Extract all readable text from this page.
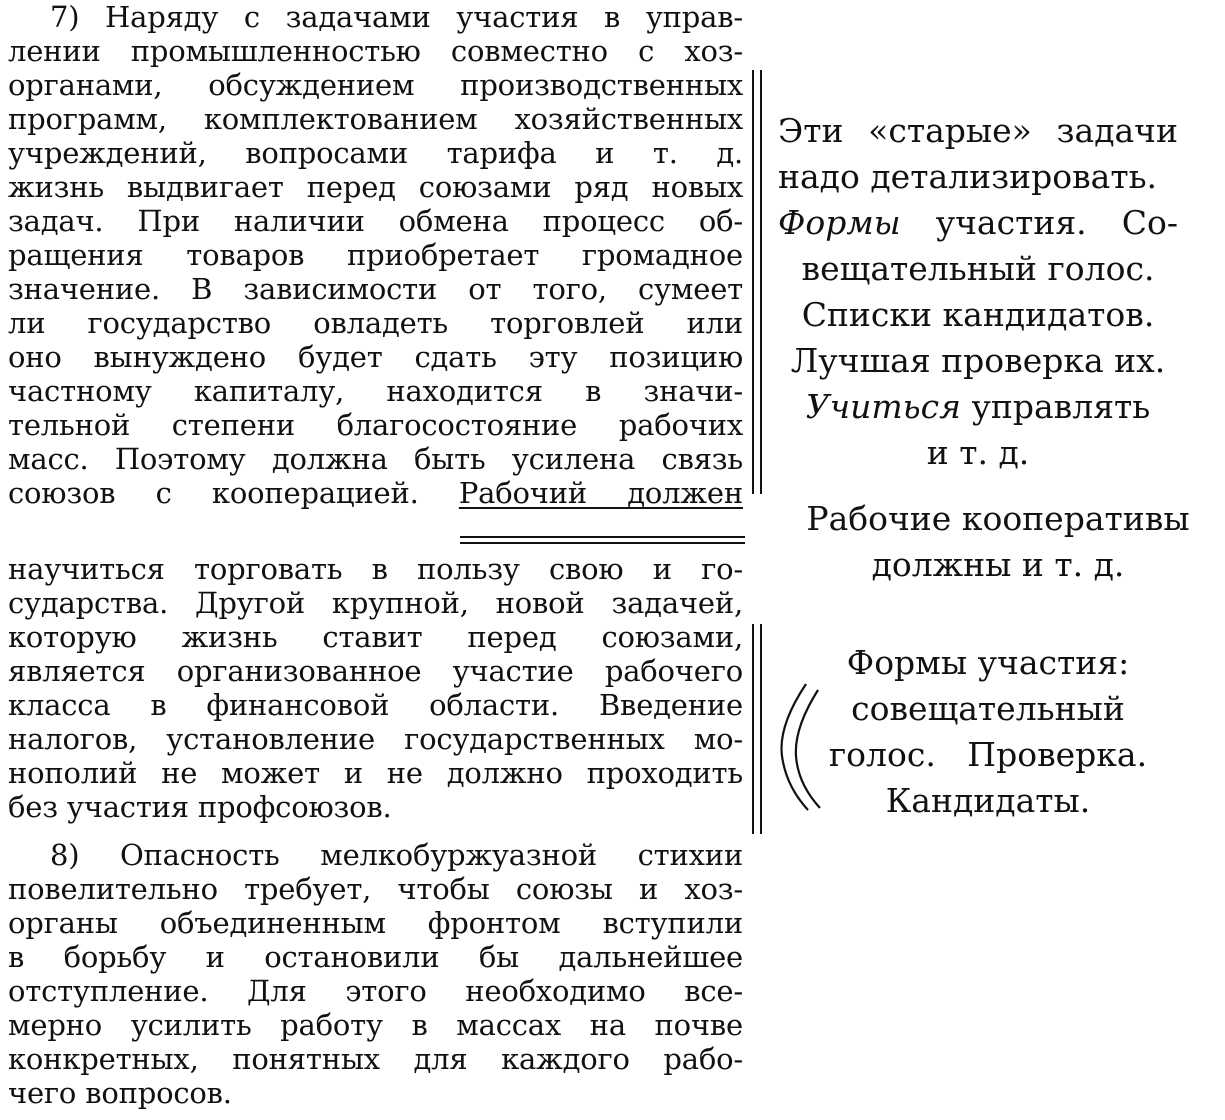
7) Наряду с задачами участия в управ-
лении промышленностью совместно с хоз-
органами, обсуждением производственных
программ, комплектованием хозяйственных
учреждений, вопросами тарифа и т. д.
жизнь выдвигает перед союзами ряд новых
задач. При наличии обмена процесс об-
ращения товаров приобретает громадное
значение. В зависимости от того, сумеет
ли государство овладеть торговлей или
оно вынуждено будет сдать эту позицию
частному капиталу, находится в значи-
тельной степени благосостояние рабочих
масс. Поэтому должна быть усилена связь
союзов с кооперацией. Рабочий должен
научиться торговать в пользу свою и го-
сударства. Другой крупной, новой задачей,
которую жизнь ставит перед союзами,
является организованное участие рабочего
класса в финансовой области. Введение
налогов, установление государственных мо-
нополий не может и не должно проходить
без участия профсоюзов.
8) Опасность мелкобуржуазной стихии
повелительно требует, чтобы союзы и хоз-
органы объединенным фронтом вступили
в борьбу и остановили бы дальнейшее
отступление. Для этого необходимо все-
мерно усилить работу в массах на почве
конкретных, понятных для каждого рабо-
чего вопросов.
Эти «старые» задачи
надо детализировать.
Формы участия. Со-
вещательный голос.
Списки кандидатов.
Лучшая проверка их.
Учиться управлять
и т. д.
Рабочие кооперативы
должны и т. д.
Формы участия:
совещательный
голос.   Проверка.
Кандидаты.
